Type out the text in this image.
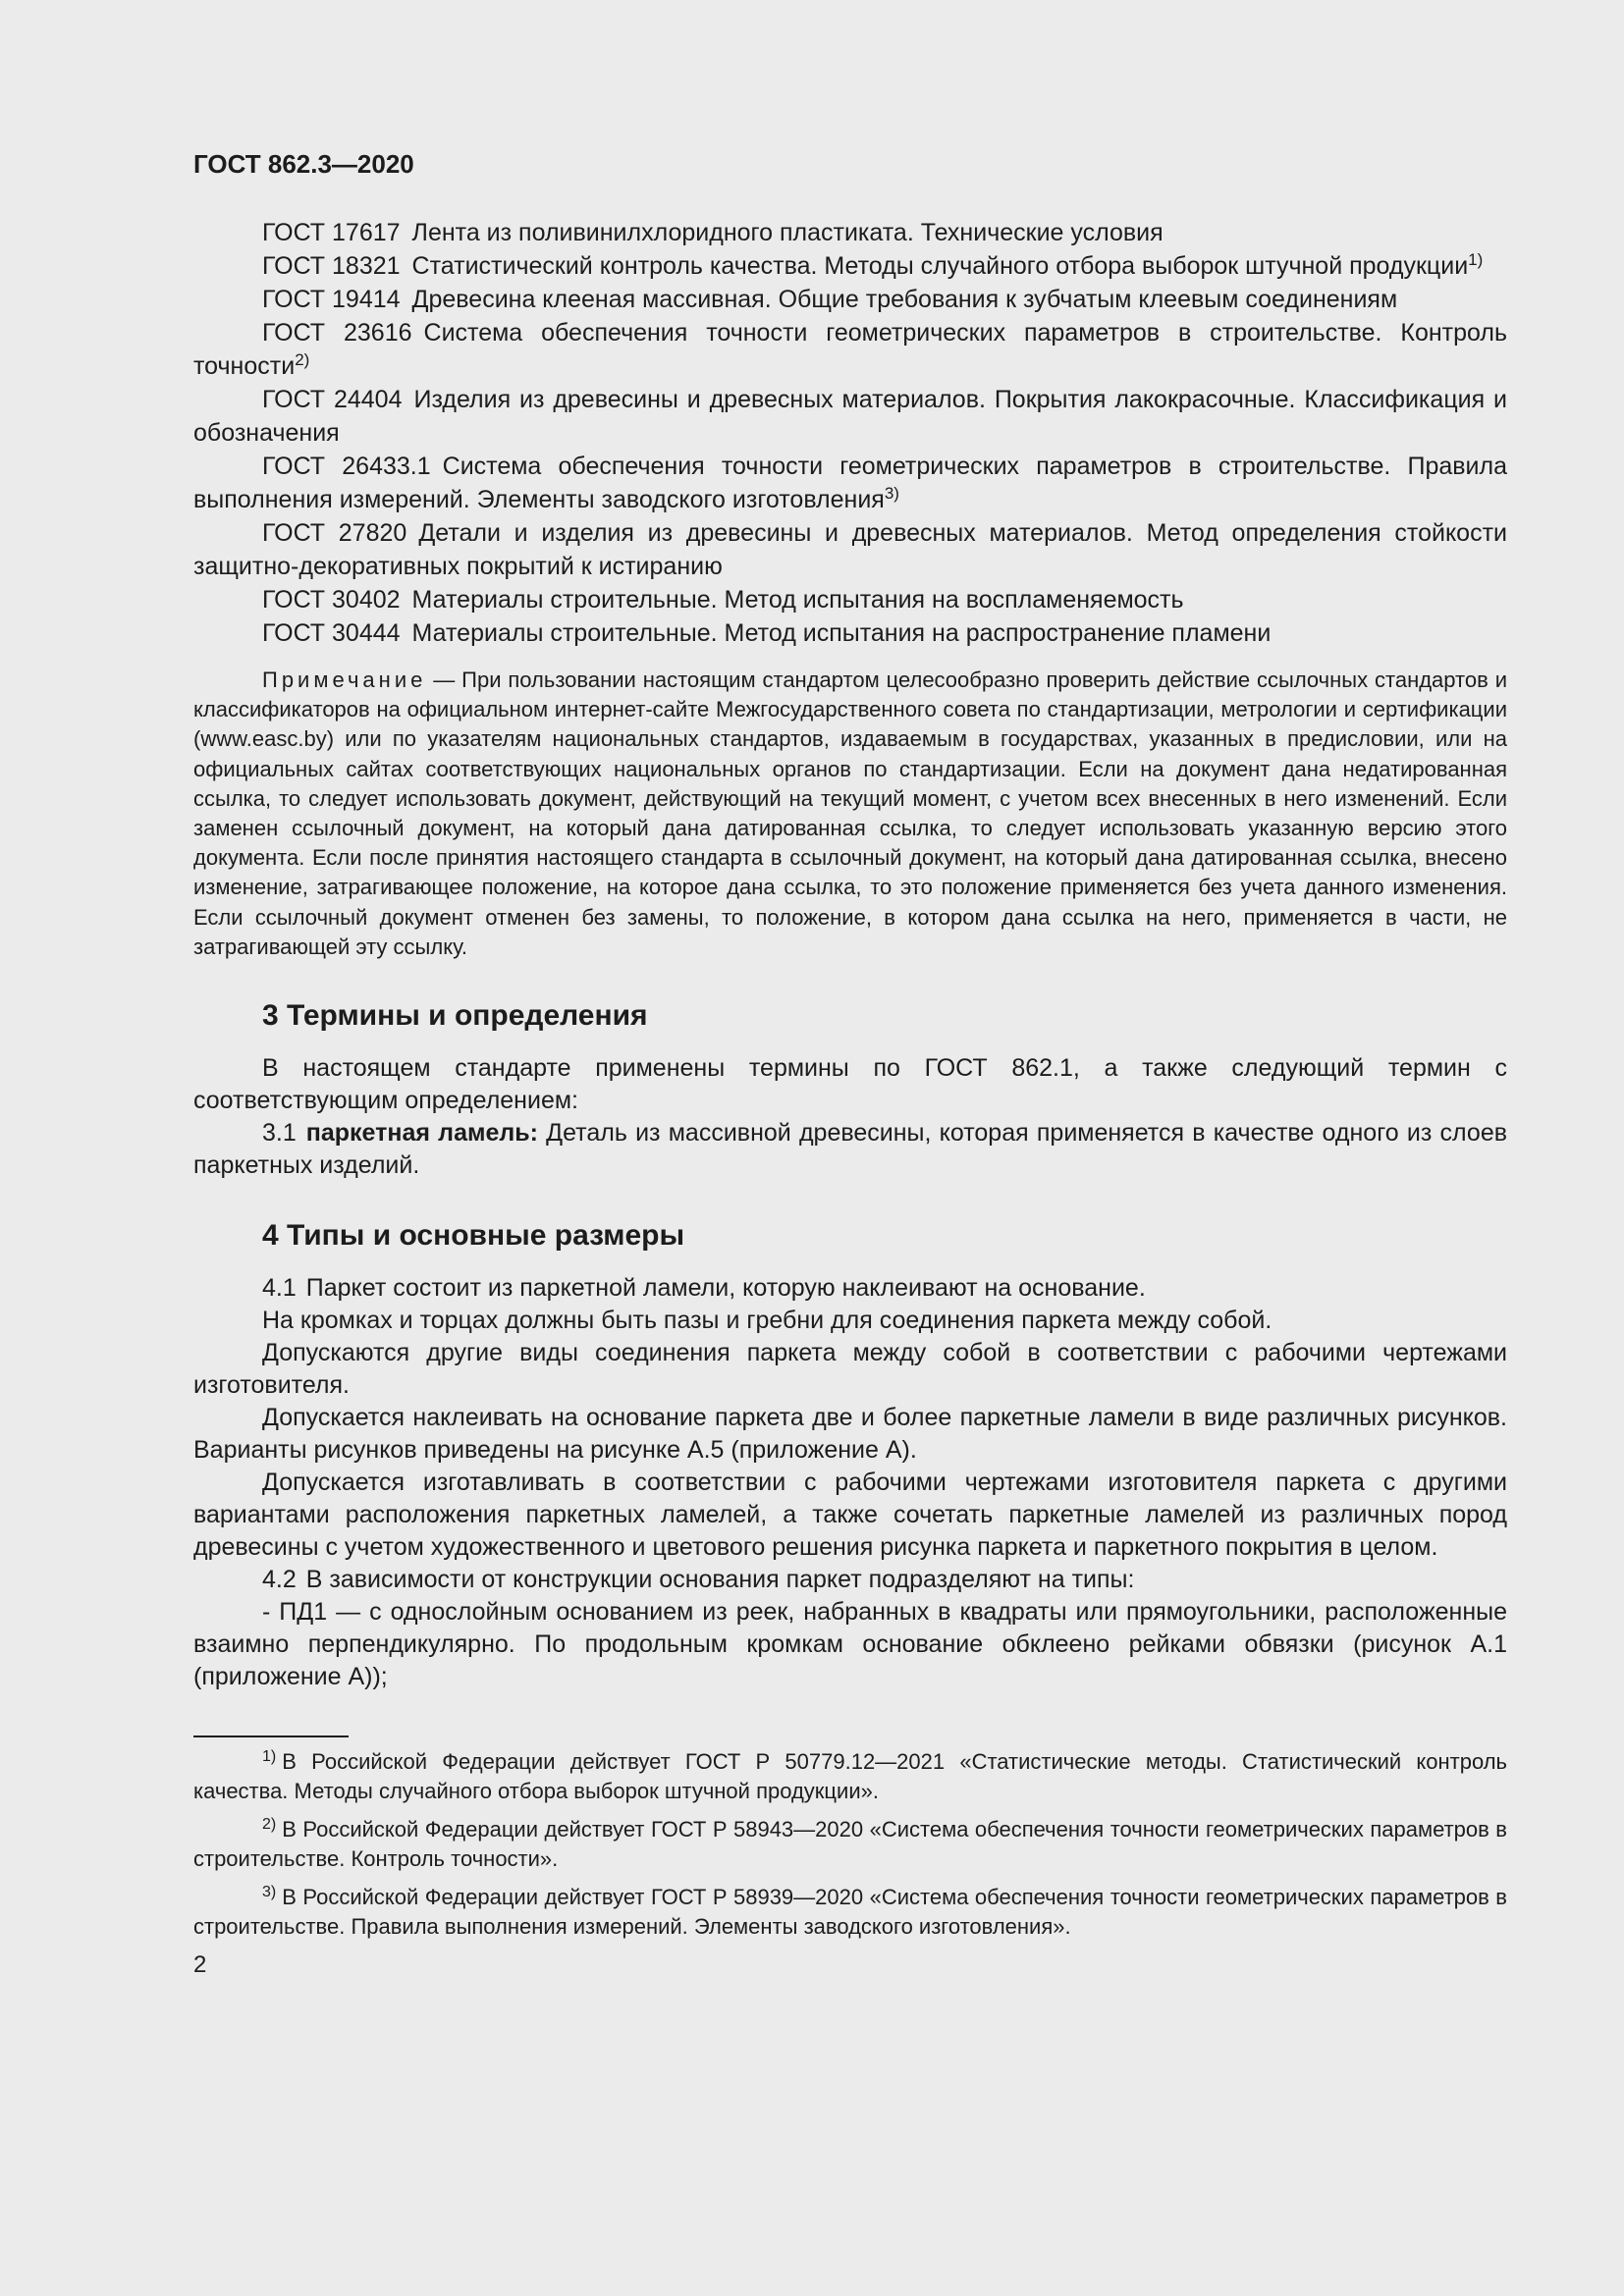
ГОСТ 862.3—2020

ГОСТ 17617 Лента из поливинилхлоридного пластиката. Технические условия

ГОСТ 18321 Статистический контроль качества. Методы случайного отбора выборок штучной продукции$^{1)}$

ГОСТ 19414 Древесина клееная массивная. Общие требования к зубчатым клеевым соединениям

ГОСТ 23616 Система обеспечения точности геометрических параметров в строительстве. Контроль точности$^{2)}$

ГОСТ 24404 Изделия из древесины и древесных материалов. Покрытия лакокрасочные. Классификация и обозначения

ГОСТ 26433.1 Система обеспечения точности геометрических параметров в строительстве. Правила выполнения измерений. Элементы заводского изготовления$^{3)}$

ГОСТ 27820 Детали и изделия из древесины и древесных материалов. Метод определения стойкости защитно-декоративных покрытий к истиранию

ГОСТ 30402 Материалы строительные. Метод испытания на воспламеняемость

ГОСТ 30444 Материалы строительные. Метод испытания на распространение пламени

Примечание — При пользовании настоящим стандартом целесообразно проверить действие ссылочных стандартов и классификаторов на официальном интернет-сайте Межгосударственного совета по стандартизации, метрологии и сертификации (www.easc.by) или по указателям национальных стандартов, издаваемым в государствах, указанных в предисловии, или на официальных сайтах соответствующих национальных органов по стандартизации. Если на документ дана недатированная ссылка, то следует использовать документ, действующий на текущий момент, с учетом всех внесенных в него изменений. Если заменен ссылочный документ, на который дана датированная ссылка, то следует использовать указанную версию этого документа. Если после принятия настоящего стандарта в ссылочный документ, на который дана датированная ссылка, внесено изменение, затрагивающее положение, на которое дана ссылка, то это положение применяется без учета данного изменения. Если ссылочный документ отменен без замены, то положение, в котором дана ссылка на него, применяется в части, не затрагивающей эту ссылку.

3 Термины и определения

В настоящем стандарте применены термины по ГОСТ 862.1, а также следующий термин с соответствующим определением:

3.1 паркетная ламель: Деталь из массивной древесины, которая применяется в качестве одного из слоев паркетных изделий.

4 Типы и основные размеры

4.1 Паркет состоит из паркетной ламели, которую наклеивают на основание.

На кромках и торцах должны быть пазы и гребни для соединения паркета между собой.

Допускаются другие виды соединения паркета между собой в соответствии с рабочими чертежами изготовителя.

Допускается наклеивать на основание паркета две и более паркетные ламели в виде различных рисунков. Варианты рисунков приведены на рисунке А.5 (приложение А).

Допускается изготавливать в соответствии с рабочими чертежами изготовителя паркета с другими вариантами расположения паркетных ламелей, а также сочетать паркетные ламелей из различных пород древесины с учетом художественного и цветового решения рисунка паркета и паркетного покрытия в целом.

4.2 В зависимости от конструкции основания паркет подразделяют на типы:

- ПД1 — с однослойным основанием из реек, набранных в квадраты или прямоугольники, расположенные взаимно перпендикулярно. По продольным кромкам основание обклеено рейками обвязки (рисунок А.1 (приложение А));

$^{1)}$ В Российской Федерации действует ГОСТ Р 50779.12—2021 «Статистические методы. Статистический контроль качества. Методы случайного отбора выборок штучной продукции».

$^{2)}$ В Российской Федерации действует ГОСТ Р 58943—2020 «Система обеспечения точности геометрических параметров в строительстве. Контроль точности».

$^{3)}$ В Российской Федерации действует ГОСТ Р 58939—2020 «Система обеспечения точности геометрических параметров в строительстве. Правила выполнения измерений. Элементы заводского изготовления».

2
